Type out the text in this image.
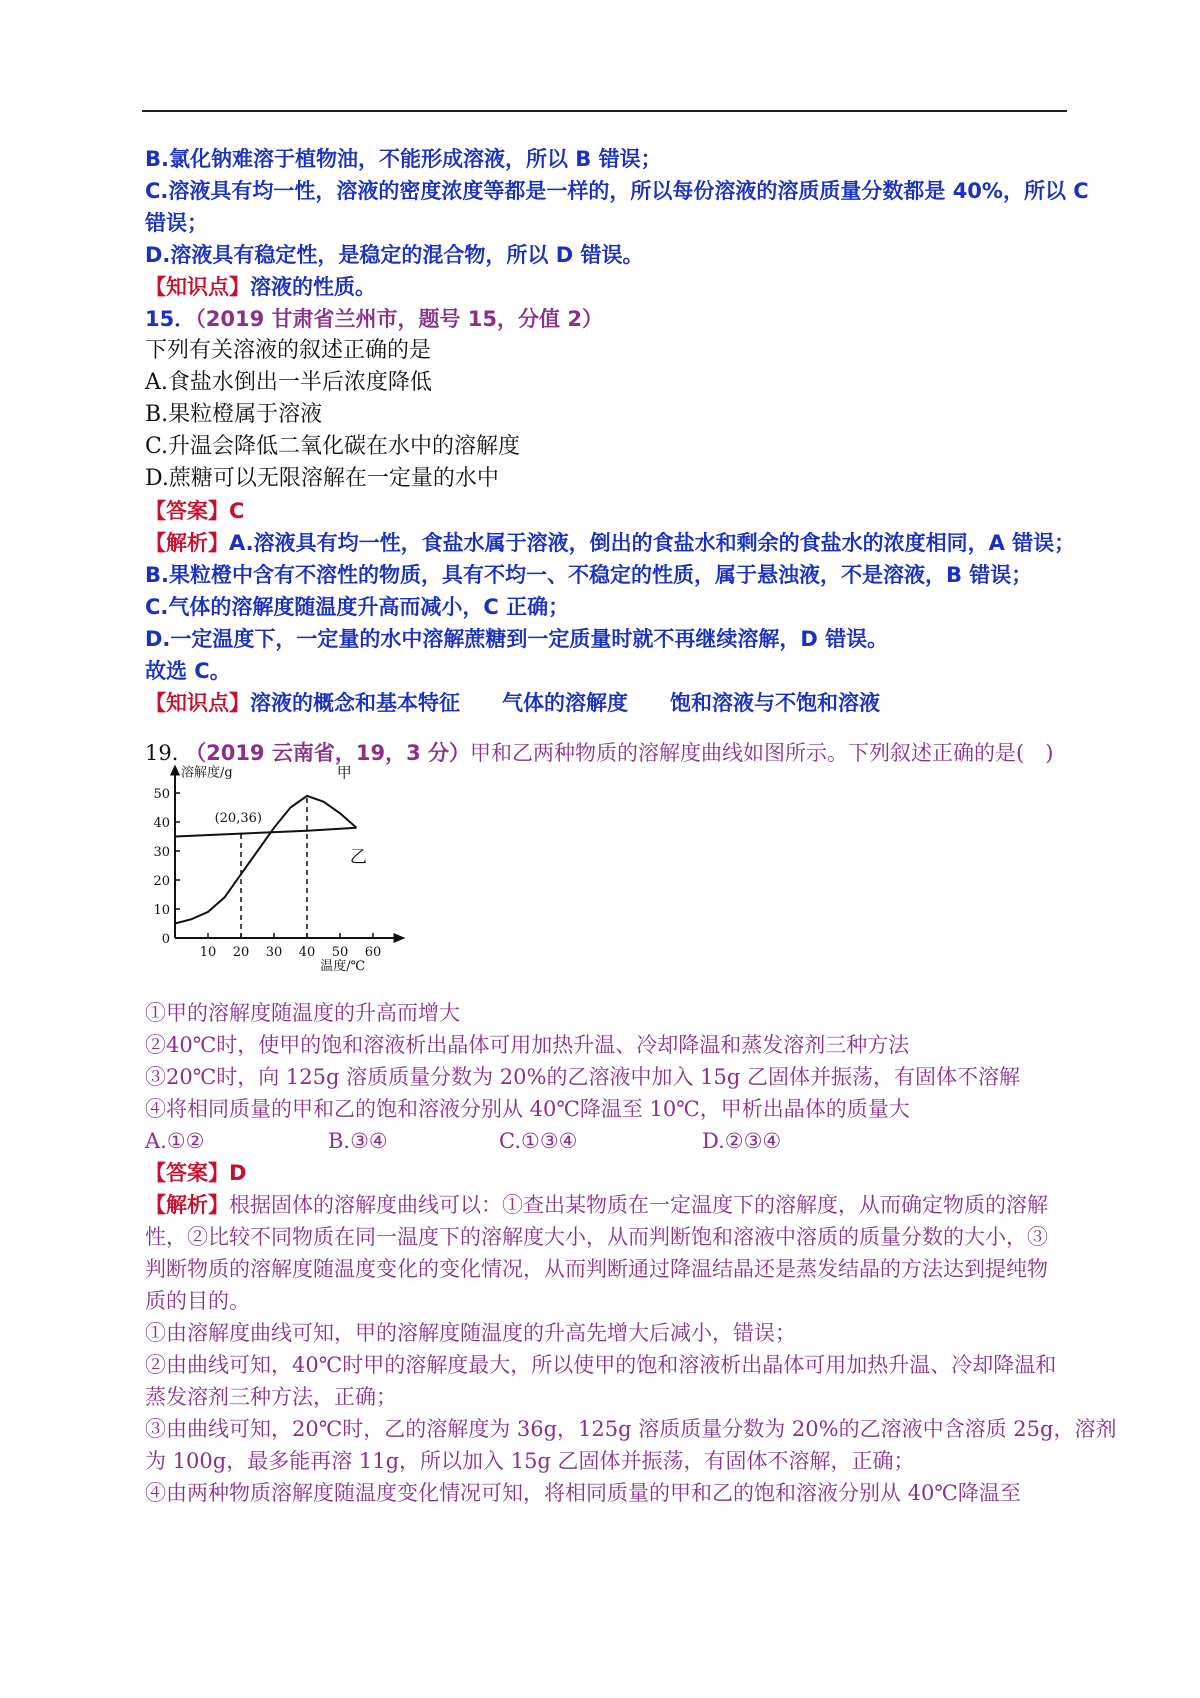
B.氯化钠难溶于植物油，不能形成溶液，所以 B 错误；
C.溶液具有均一性，溶液的密度浓度等都是一样的，所以每份溶液的溶质质量分数都是 40%，所以 C
错误；
D.溶液具有稳定性，是稳定的混合物，所以 D 错误。
【知识点】溶液的性质。
15．（2019 甘肃省兰州市，题号 15，分值 2）
下列有关溶液的叙述正确的是
A.食盐水倒出一半后浓度降低
B.果粒橙属于溶液
C.升温会降低二氧化碳在水中的溶解度
D.蔗糖可以无限溶解在一定量的水中
【答案】C
【解析】A.溶液具有均一性，食盐水属于溶液，倒出的食盐水和剩余的食盐水的浓度相同，A 错误；
B.果粒橙中含有不溶性的物质，具有不均一、不稳定的性质，属于悬浊液，不是溶液，B 错误；
C.气体的溶解度随温度升高而减小，C 正确；
D.一定温度下，一定量的水中溶解蔗糖到一定质量时就不再继续溶解，D 错误。
故选 C。
【知识点】溶液的概念和基本特征 气体的溶解度 饱和溶液与不饱和溶液
19. （2019 云南省，19，3 分）甲和乙两种物质的溶解度曲线如图所示。下列叙述正确的是(　)
溶解度/g
温度/℃
10 20 30 40 50 60
0
10
20
30
40
50
甲
乙
(20,36)
①甲的溶解度随温度的升高而增大
②40℃时，使甲的饱和溶液析出晶体可用加热升温、冷却降温和蒸发溶剂三种方法
③20℃时，向 125g 溶质质量分数为 20%的乙溶液中加入 15g 乙固体并振荡，有固体不溶解
④将相同质量的甲和乙的饱和溶液分别从 40℃降温至 10℃，甲析出晶体的质量大
A.①②	B.③④	C.①③④	D.②③④
【答案】D
【解析】根据固体的溶解度曲线可以：①查出某物质在一定温度下的溶解度，从而确定物质的溶解
性，②比较不同物质在同一温度下的溶解度大小，从而判断饱和溶液中溶质的质量分数的大小，③
判断物质的溶解度随温度变化的变化情况，从而判断通过降温结晶还是蒸发结晶的方法达到提纯物
质的目的。
①由溶解度曲线可知，甲的溶解度随温度的升高先增大后减小，错误；
②由曲线可知，40℃时甲的溶解度最大，所以使甲的饱和溶液析出晶体可用加热升温、冷却降温和
蒸发溶剂三种方法，正确；
③由曲线可知，20℃时，乙的溶解度为 36g，125g 溶质质量分数为 20%的乙溶液中含溶质 25g，溶剂
为 100g，最多能再溶 11g，所以加入 15g 乙固体并振荡，有固体不溶解，正确；
④由两种物质溶解度随温度变化情况可知，将相同质量的甲和乙的饱和溶液分别从 40℃降温至
